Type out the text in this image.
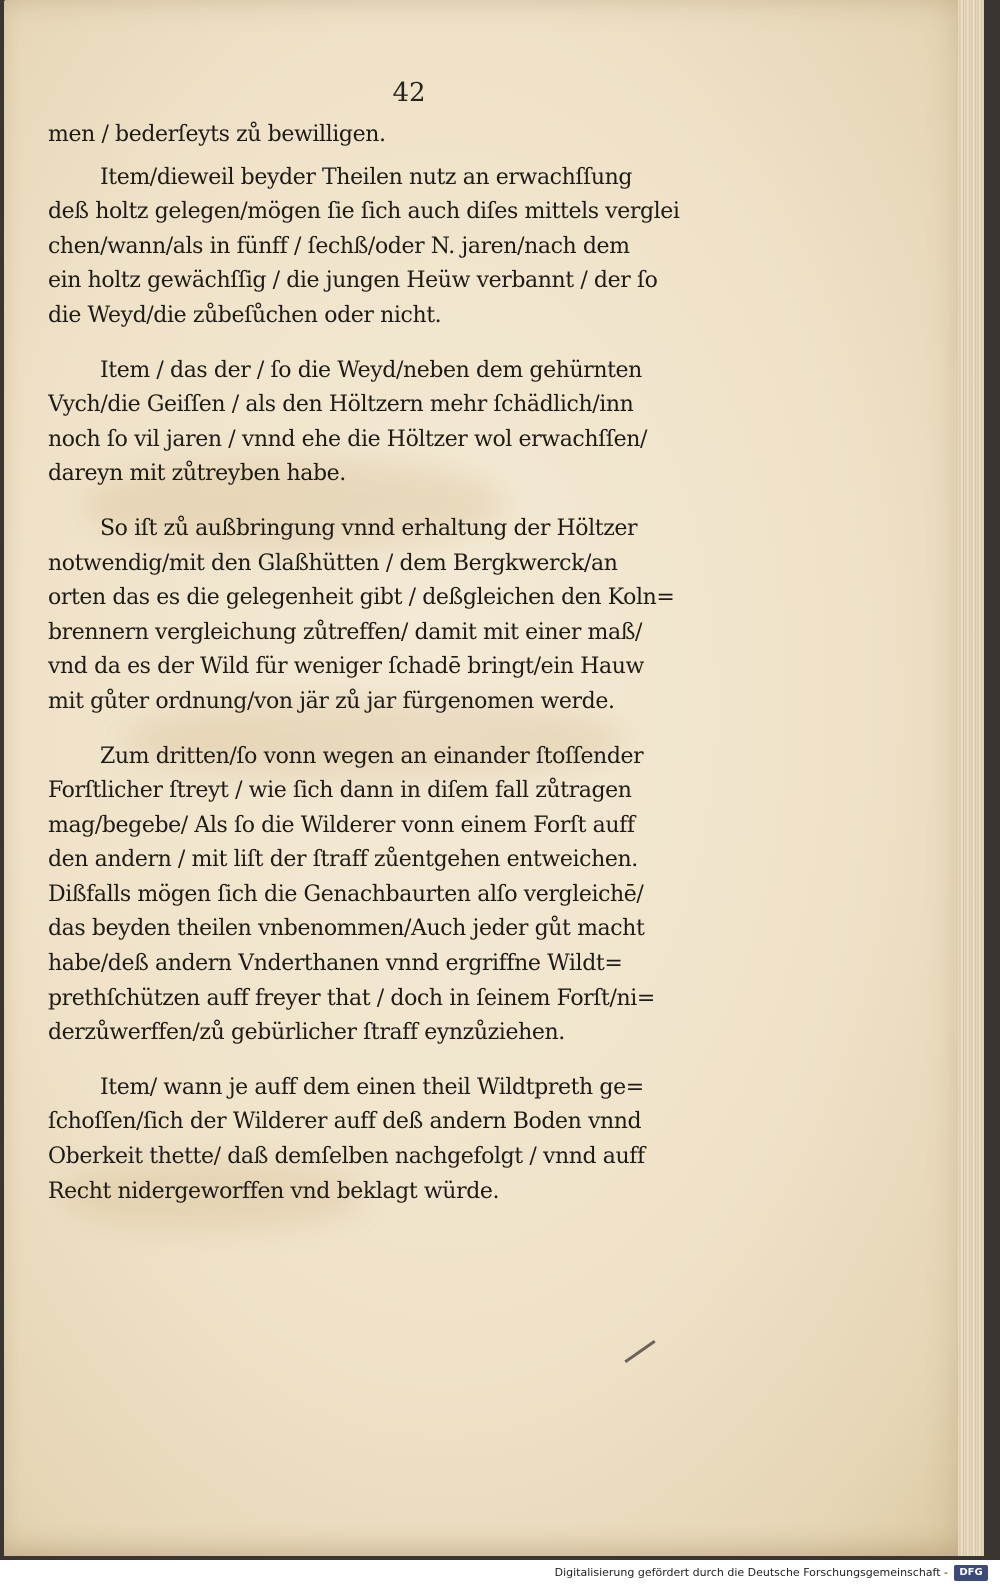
42
men / bederſeyts zů bewilligen.
Item/dieweil beyder Theilen nutz an erwachſſung
deß holtz gelegen/mögen ſie ſich auch diſes mittels verglei
chen/wann/als in fünff / ſechß/oder N. jaren/nach dem
ein holtz gewächſſig / die jungen Heüw verbannt / der ſo
die Weyd/die zůbeſůchen oder nicht.
Item / das der / ſo die Weyd/neben dem gehürnten
Vych/die Geiſſen / als den Höltzern mehr ſchädlich/inn
noch ſo vil jaren / vnnd ehe die Höltzer wol erwachſſen/
dareyn mit zůtreyben habe.
So iſt zů außbringung vnnd erhaltung der Höltzer
notwendig/mit den Glaßhütten / dem Bergkwerck/an
orten das es die gelegenheit gibt / deßgleichen den Koln=
brennern vergleichung zůtreffen/ damit mit einer maß/
vnd da es der Wild für weniger ſchadē bringt/ein Hauw
mit gůter ordnung/von jär zů jar fürgenomen werde.
Zum dritten/ſo vonn wegen an einander ſtoſſender
Forſtlicher ſtreyt / wie ſich dann in diſem fall zůtragen
mag/begebe/ Als ſo die Wilderer vonn einem Forſt auff
den andern / mit liſt der ſtraff zůentgehen entweichen.
Dißfalls mögen ſich die Genachbaurten alſo vergleichē/
das beyden theilen vnbenommen/Auch jeder gůt macht
habe/deß andern Vnderthanen vnnd ergriffne Wildt=
prethſchützen auff freyer that / doch in ſeinem Forſt/ni=
derzůwerffen/zů gebürlicher ſtraff eynzůziehen.
Item/ wann je auff dem einen theil Wildtpreth ge=
ſchoſſen/ſich der Wilderer auff deß andern Boden vnnd
Oberkeit thette/ daß demſelben nachgefolgt / vnnd auff
Recht nidergeworffen vnd beklagt würde.
Digitalisierung gefördert durch die Deutsche Forschungsgemeinschaft -	DFG
